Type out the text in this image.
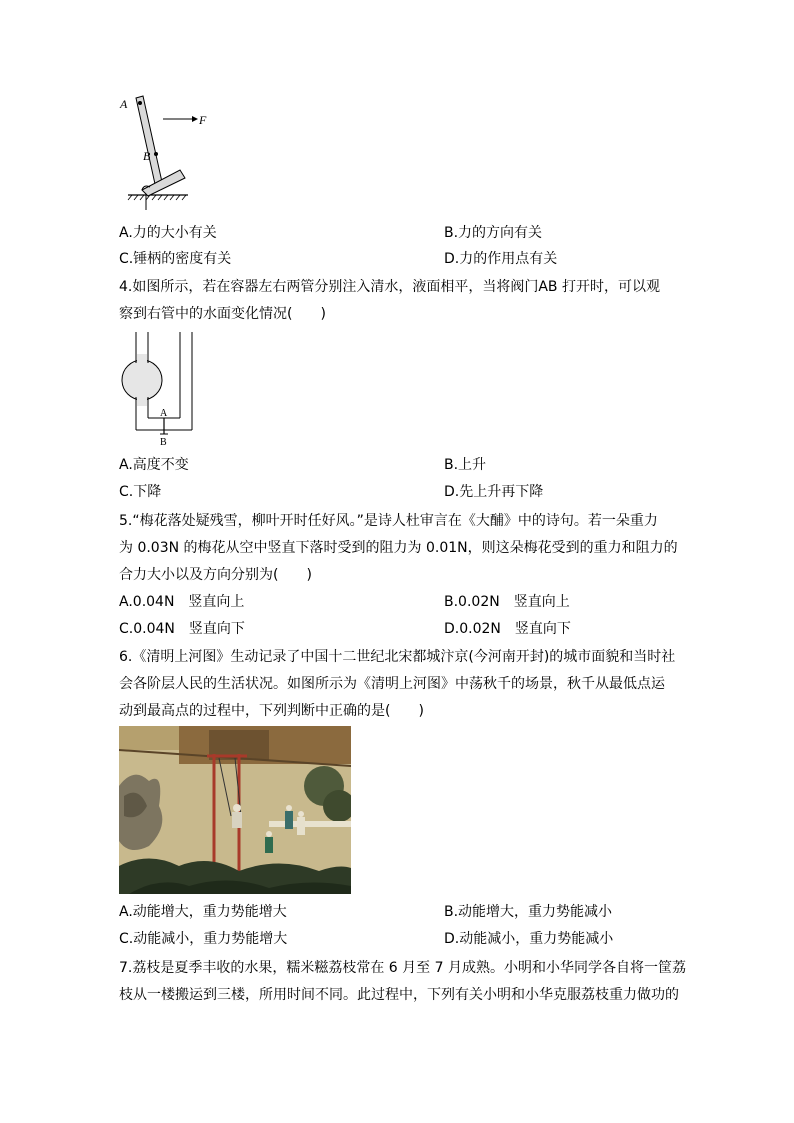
A
B
F
A.力的大小有关	B.力的方向有关
C.锤柄的密度有关	D.力的作用点有关
4.如图所示，若在容器左右两管分别注入清水，液面相平，当将阀门AB 打开时，可以观
察到右管中的水面变化情况(　　)
A
B
A.高度不变	B.上升
C.下降	D.先上升再下降
5.“梅花落处疑残雪，柳叶开时任好风。”是诗人杜审言在《大酺》中的诗句。若一朵重力
为 0.03N 的梅花从空中竖直下落时受到的阻力为 0.01N，则这朵梅花受到的重力和阻力的
合力大小以及方向分别为(　　)
A.0.04N　竖直向上	B.0.02N　竖直向上
C.0.04N　竖直向下	D.0.02N　竖直向下
6.《清明上河图》生动记录了中国十二世纪北宋都城汴京(今河南开封)的城市面貌和当时社
会各阶层人民的生活状况。如图所示为《清明上河图》中荡秋千的场景，秋千从最低点运
动到最高点的过程中，下列判断中正确的是(　　)
A.动能增大，重力势能增大	B.动能增大，重力势能减小
C.动能减小，重力势能增大	D.动能减小，重力势能减小
7.荔枝是夏季丰收的水果，糯米糍荔枝常在 6 月至 7 月成熟。小明和小华同学各自将一筐荔
枝从一楼搬运到三楼，所用时间不同。此过程中，下列有关小明和小华克服荔枝重力做功的
